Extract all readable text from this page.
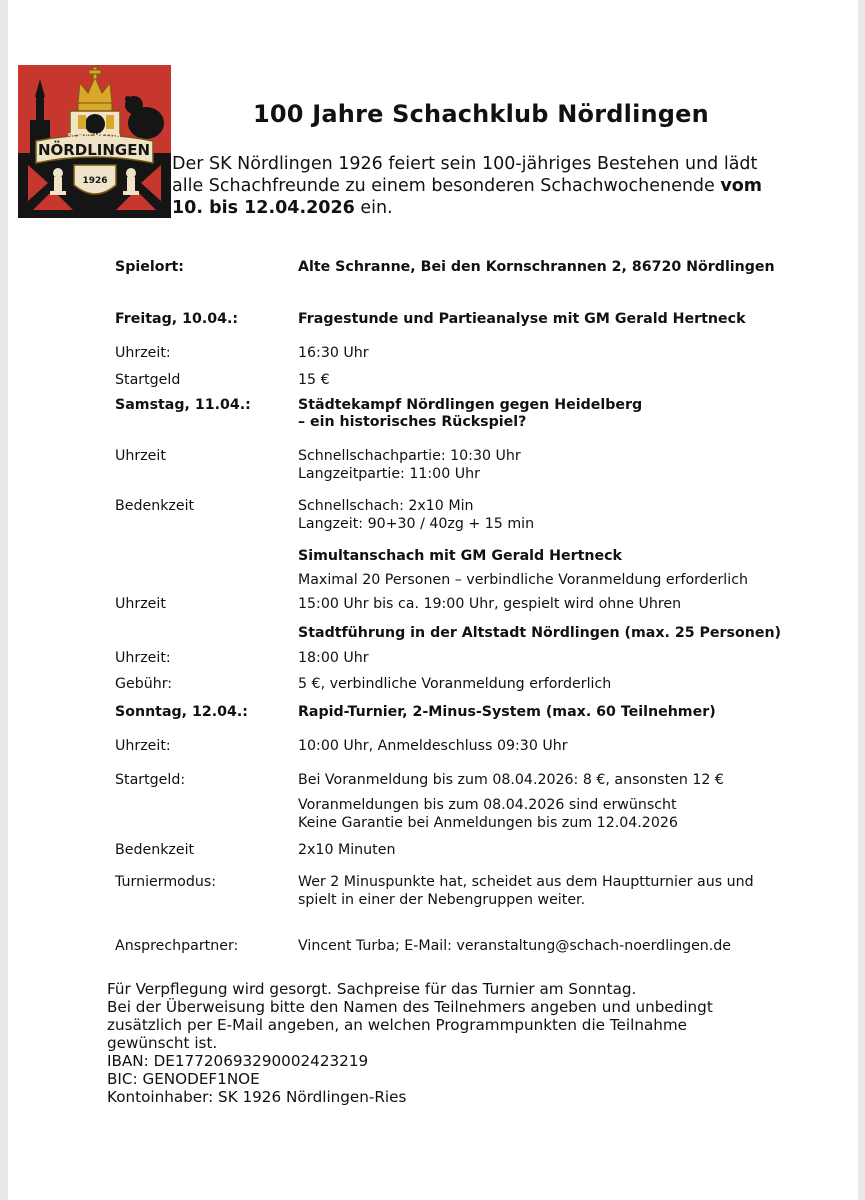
SCHACHKLUB
NÖRDLINGEN
1926
100 Jahre Schachklub Nördlingen
Der SK Nördlingen 1926 feiert sein 100-jähriges Bestehen und lädt alle Schachfreunde zu einem besonderen Schachwochenende vom 10. bis 12.04.2026 ein.
Spielort:	Alte Schranne, Bei den Kornschrannen 2, 86720 Nördlingen
Freitag, 10.04.:	Fragestunde und Partieanalyse mit GM Gerald Hertneck
Uhrzeit:	16:30 Uhr
Startgeld	15 €
Samstag, 11.04.:	Städtekampf Nördlingen gegen Heidelberg
– ein historisches Rückspiel?
Uhrzeit	Schnellschachpartie: 10:30 Uhr
Langzeitpartie: 11:00 Uhr
Bedenkzeit	Schnellschach: 2x10 Min
Langzeit: 90+30 / 40zg + 15 min
Simultanschach mit GM Gerald Hertneck
Maximal 20 Personen – verbindliche Voranmeldung erforderlich
Uhrzeit	15:00 Uhr bis ca. 19:00 Uhr, gespielt wird ohne Uhren
Stadtführung in der Altstadt Nördlingen (max. 25 Personen)
Uhrzeit:	18:00 Uhr
Gebühr:	5 €, verbindliche Voranmeldung erforderlich
Sonntag, 12.04.:	Rapid-Turnier, 2-Minus-System (max. 60 Teilnehmer)
Uhrzeit:	10:00 Uhr, Anmeldeschluss 09:30 Uhr
Startgeld:	Bei Voranmeldung bis zum 08.04.2026: 8 €, ansonsten 12 €
Voranmeldungen bis zum 08.04.2026 sind erwünscht
Keine Garantie bei Anmeldungen bis zum 12.04.2026
Bedenkzeit	2x10 Minuten
Turniermodus:	Wer 2 Minuspunkte hat, scheidet aus dem Hauptturnier aus und
spielt in einer der Nebengruppen weiter.
Ansprechpartner:	Vincent Turba; E-Mail: veranstaltung@schach-noerdlingen.de
Für Verpflegung wird gesorgt. Sachpreise für das Turnier am Sonntag.
Bei der Überweisung bitte den Namen des Teilnehmers angeben und unbedingt
zusätzlich per E-Mail angeben, an welchen Programmpunkten die Teilnahme
gewünscht ist.
IBAN: DE17720693290002423219
BIC: GENODEF1NOE
Kontoinhaber: SK 1926 Nördlingen-Ries
